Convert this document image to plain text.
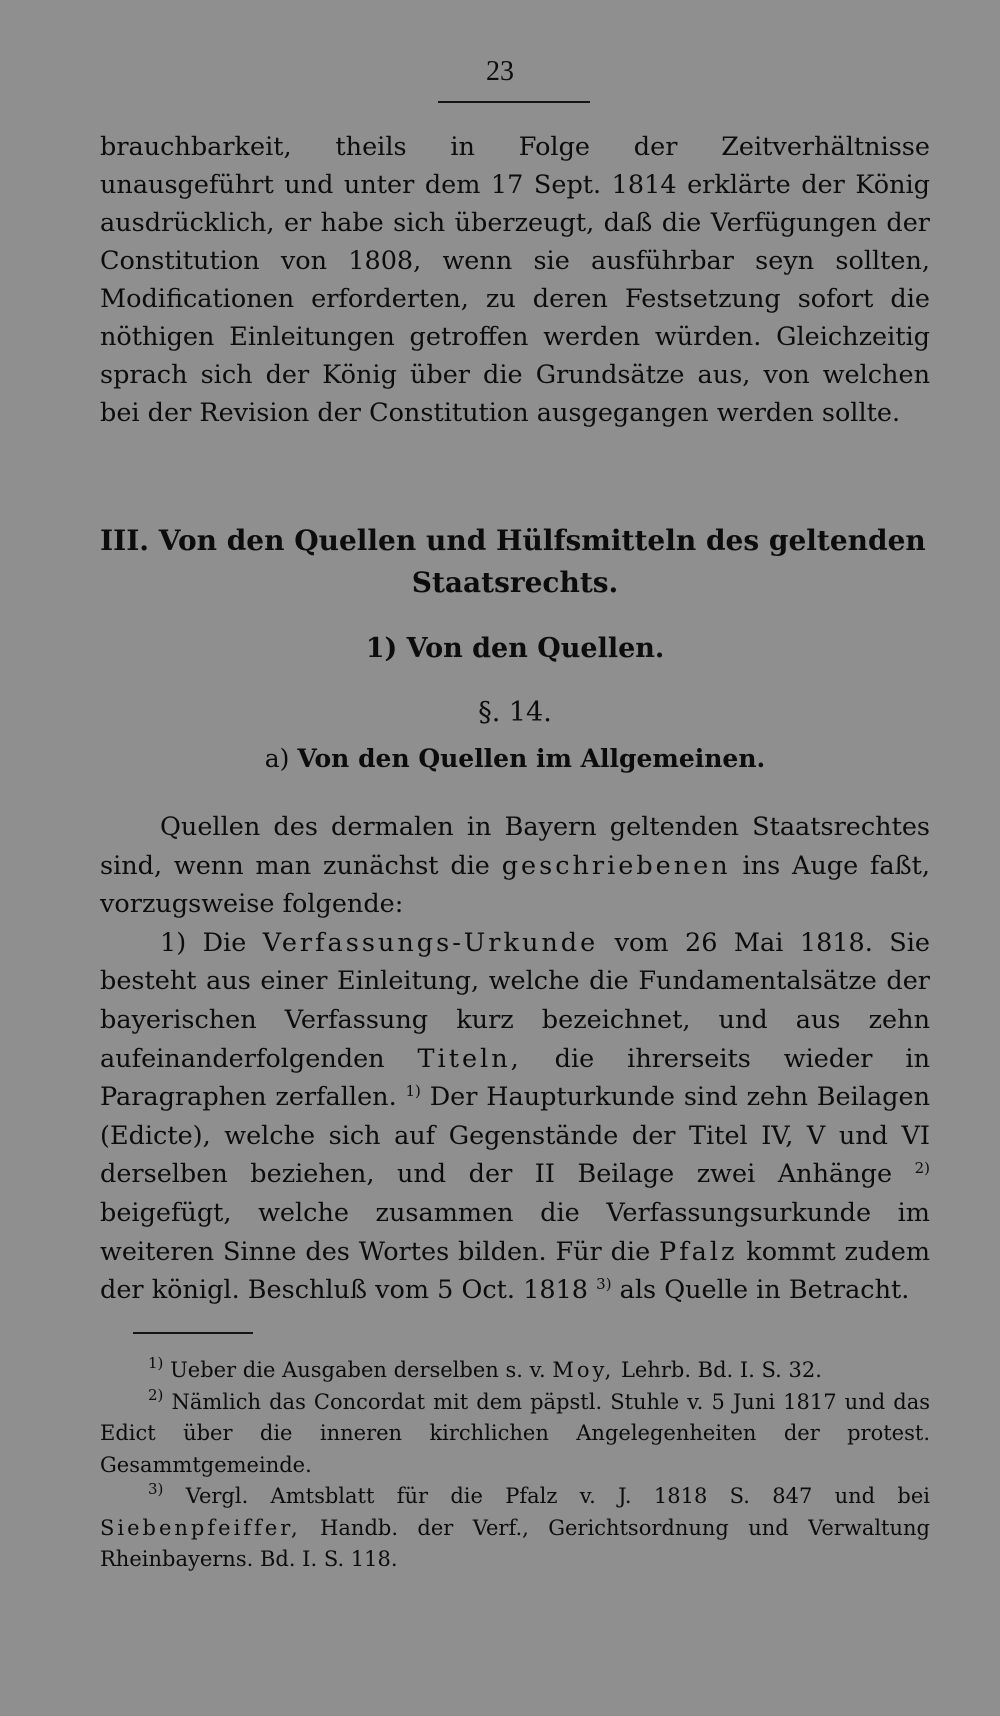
23
brauchbarkeit, theils in Folge der Zeitverhältnisse unausgeführt und unter dem 17 Sept. 1814 erklärte der König ausdrücklich, er habe sich überzeugt, daß die Verfügungen der Constitution von 1808, wenn sie ausführbar seyn sollten, Modificationen erforderten, zu deren Festsetzung sofort die nöthigen Einleitungen getroffen werden würden. Gleichzeitig sprach sich der König über die Grundsätze aus, von welchen bei der Revision der Constitution ausgegangen werden sollte.
III. Von den Quellen und Hülfsmitteln des geltenden
Staatsrechts.
1) Von den Quellen.
§. 14.
a) Von den Quellen im Allgemeinen.

Quellen des dermalen in Bayern geltenden Staatsrechtes sind, wenn man zunächst die geschriebenen ins Auge faßt, vorzugsweise folgende:

1) Die Verfassungs-Urkunde vom 26 Mai 1818. Sie besteht aus einer Einleitung, welche die Fundamentalsätze der bayerischen Verfassung kurz bezeichnet, und aus zehn aufeinanderfolgenden Titeln, die ihrerseits wieder in Paragraphen zerfallen. $^{1)}$ Der Haupturkunde sind zehn Beilagen (Edicte), welche sich auf Gegenstände der Titel IV, V und VI derselben beziehen, und der II Beilage zwei Anhänge $^{2)}$ beigefügt, welche zusammen die Verfassungsurkunde im weiteren Sinne des Wortes bilden. Für die Pfalz kommt zudem der königl. Beschluß vom 5 Oct. 1818 $^{3)}$ als Quelle in Betracht.

$^{1)}$ Ueber die Ausgaben derselben s. v. Moy, Lehrb. Bd. I. S. 32.

$^{2)}$ Nämlich das Concordat mit dem päpstl. Stuhle v. 5 Juni 1817 und das Edict über die inneren kirchlichen Angelegenheiten der protest. Gesammtgemeinde.

$^{3)}$ Vergl. Amtsblatt für die Pfalz v. J. 1818 S. 847 und bei Siebenpfeiffer, Handb. der Verf., Gerichtsordnung und Verwaltung Rheinbayerns. Bd. I. S. 118.
